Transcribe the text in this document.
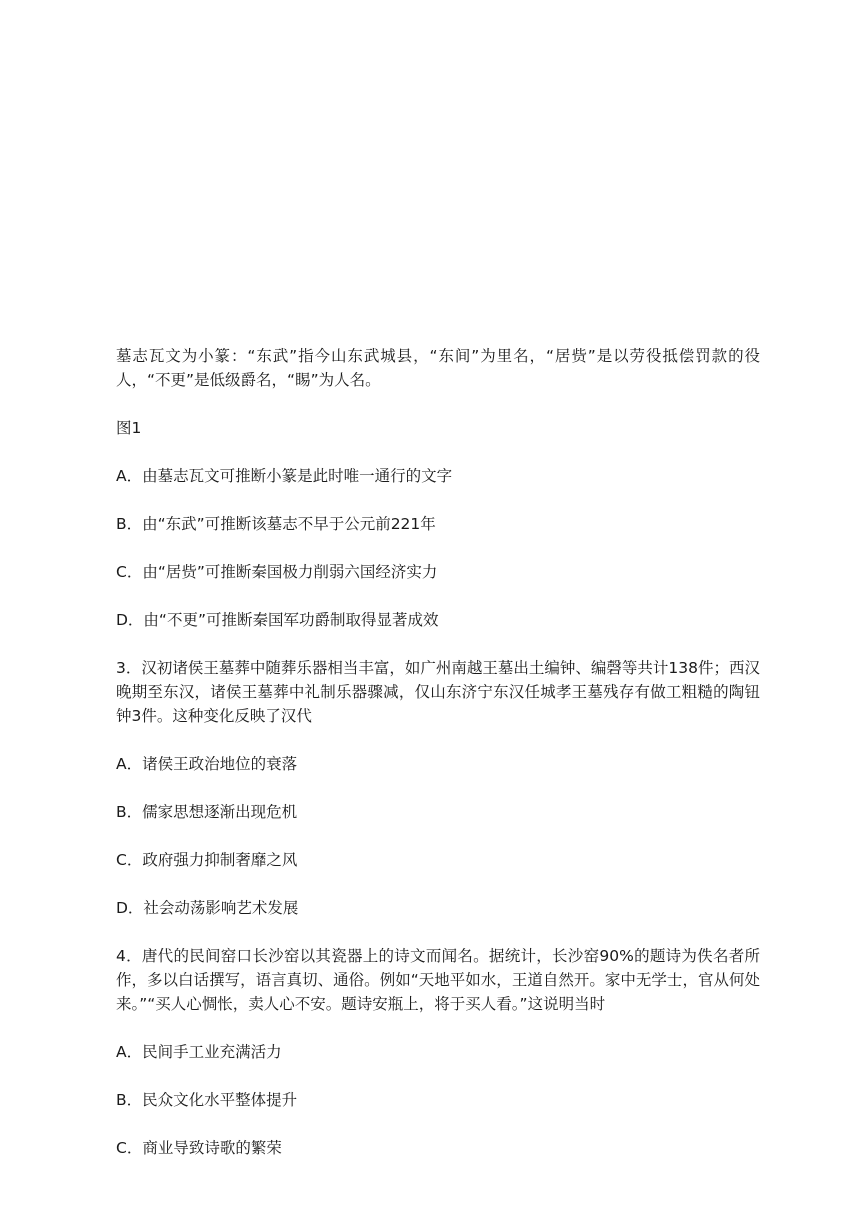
墓志瓦文为小篆：“东武”指今山东武城县，“东间”为里名，“居赀”是以劳役抵偿罚款的役人，“不更”是低级爵名，“睗”为人名。

图1

A．由墓志瓦文可推断小篆是此时唯一通行的文字

B．由“东武”可推断该墓志不早于公元前221年

C．由“居赀”可推断秦国极力削弱六国经济实力

D．由“不更”可推断秦国军功爵制取得显著成效

3．汉初诸侯王墓葬中随葬乐器相当丰富，如广州南越王墓出土编钟、编磬等共计138件；西汉晚期至东汉，诸侯王墓葬中礼制乐器骤减，仅山东济宁东汉任城孝王墓残存有做工粗糙的陶钮钟3件。这种变化反映了汉代

A．诸侯王政治地位的衰落

B．儒家思想逐渐出现危机

C．政府强力抑制奢靡之风

D．社会动荡影响艺术发展

4．唐代的民间窑口长沙窑以其瓷器上的诗文而闻名。据统计，长沙窑90%的题诗为佚名者所作，多以白话撰写，语言真切、通俗。例如“天地平如水，王道自然开。家中无学士，官从何处来。”“买人心惆怅，卖人心不安。题诗安瓶上，将于买人看。”这说明当时

A．民间手工业充满活力

B．民众文化水平整体提升

C．商业导致诗歌的繁荣
